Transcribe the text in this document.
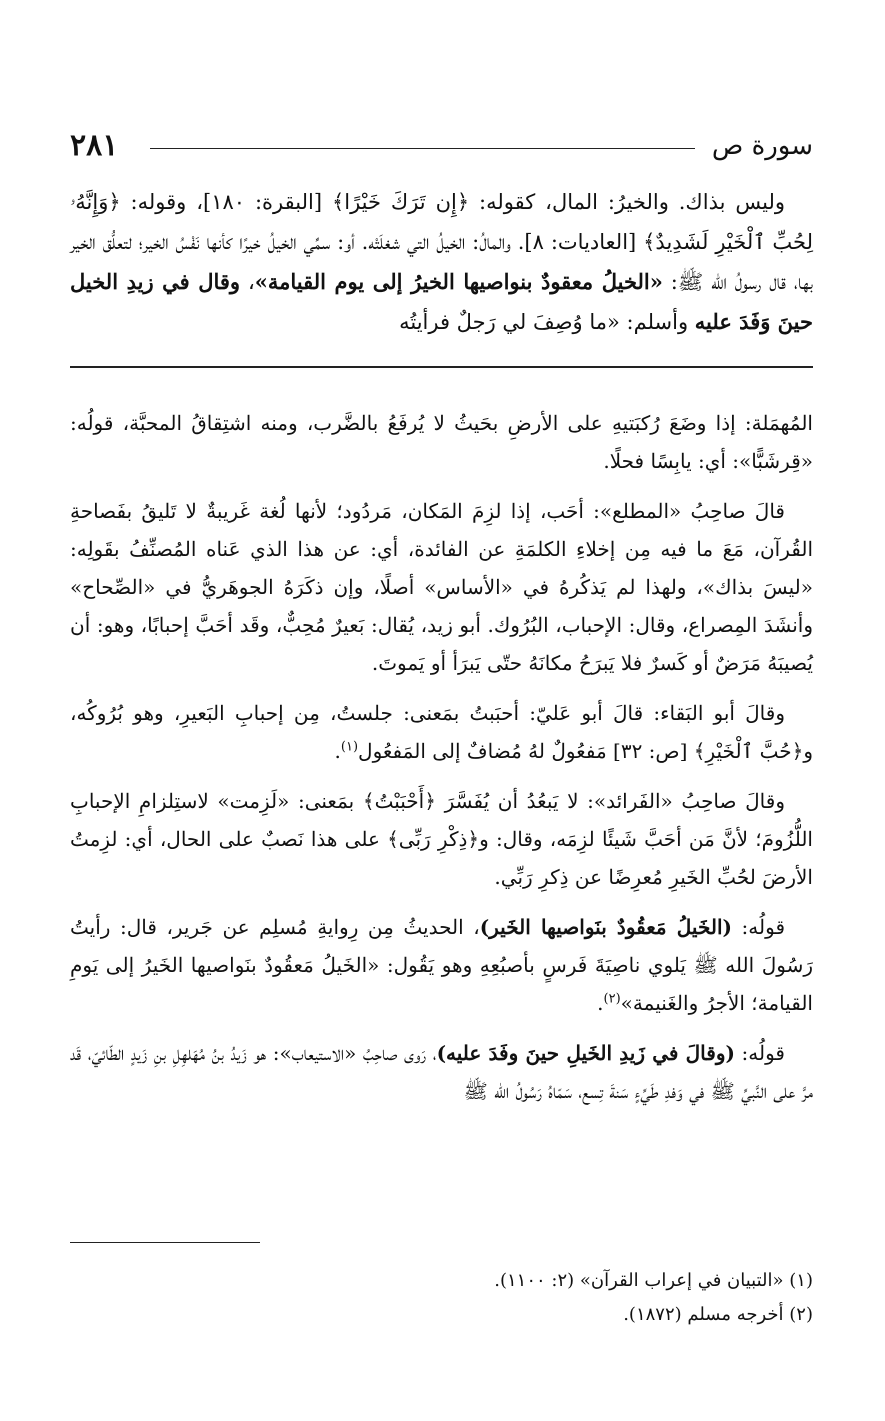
سورة ص
٢٨١

وليس بذاك. والخيرُ: المال، كقوله: ﴿إِن تَرَكَ خَيْرًا﴾ [البقرة: ١٨٠]، وقوله: ﴿وَإِنَّهُۥ لِحُبِّ ٱلْخَيْرِ لَشَدِيدٌ﴾ [العاديات: ٨]. والمالُ: الخيلُ التي شغلَتْه. أو: سمِّي الخيلُ خيرًا كأنها نَفْسُ الخير؛ لتعلُّق الخير بها، قال رسولُ الله ﷺ: «الخيلُ معقودٌ بنواصيها الخيرُ إلى يوم القيامة»، وقال في زيدِ الخيل حينَ وَفَدَ عليه وأسلم: «ما وُصِفَ لي رَجلٌ فرأيتُه

المُهمَلة: إذا وضَعَ رُكبَتيهِ على الأرضِ بحَيثُ لا يُرفَعُ بالضَّرب، ومنه اشتِقاقُ المحبَّة، قولُه: «قِرشَبًّا»: أي: يابِسًا فحلًا.

قالَ صاحِبُ «المطلع»: أحَب، إذا لزِمَ المَكان، مَردُود؛ لأنها لُغة غَريبةٌ لا تَليقُ بفَصاحةِ القُرآن، مَعَ ما فيه مِن إخلاءِ الكلمَةِ عن الفائدة، أي: عن هذا الذي عَناه المُصنِّفُ بقَولِه: «ليسَ بذاك»، ولهذا لم يَذكُرهُ في «الأساس» أصلًا، وإن ذكَرَهُ الجوهَريُّ في «الصِّحاح» وأنشَدَ المِصراع، وقال: الإحباب، البُرُوك. أبو زيد، يُقال: بَعيرٌ مُحِبٌّ، وقَد أحَبَّ إحبابًا، وهو: أن يُصيبَهُ مَرَضٌ أو كَسرٌ فلا يَبرَحُ مكانَهُ حتّى يَبرَأ أو يَموتَ.

وقالَ أبو البَقاء: قالَ أبو عَليّ: أحبَبتُ بمَعنى: جلستُ، مِن إحبابِ البَعيرِ، وهو بُرُوكُه، و﴿حُبَّ ٱلْخَيْرِ﴾ [ص: ٣٢] مَفعُولٌ لهُ مُضافٌ إلى المَفعُول$^{(١)}$.

وقالَ صاحِبُ «الفَرائد»: لا يَبعُدُ أن يُفَسَّرَ ﴿أَحْبَبْتُ﴾ بمَعنى: «لَزِمت» لاستِلزامِ الإحبابِ اللُّزُومَ؛ لأنَّ مَن أحَبَّ شَيئًا لزِمَه، وقال: و﴿ذِكْرِ رَبِّى﴾ على هذا نَصبٌ على الحال، أي: لزِمتُ الأرضَ لحُبِّ الخَيرِ مُعرِضًا عن ذِكرِ رَبِّي.

قولُه: (الخَيلُ مَعقُودٌ بنَواصيها الخَير)، الحديثُ مِن رِوايةِ مُسلِم عن جَرير، قال: رأيتُ رَسُولَ الله ﷺ يَلوي ناصِيَةَ فَرسٍ بأصبُعِهِ وهو يَقُول: «الخَيلُ مَعقُودٌ بنَواصيها الخَيرُ إلى يَومِ القيامة؛ الأجرُ والغَنيمة»$^{(٢)}$.

قولُه: (وقالَ في زَيدِ الخَيلِ حينَ وفَدَ عليه)، رَوى صاحِبُ «الاستيعاب»: هو زَيدُ بنُ مُهَلهِلِ بنِ زَيدٍ الطّائيّ، قَد مرَّ على النَّبيِّ ﷺ في وَفدِ طَيِّءٍ سَنةَ تِسع، سَمّاهُ رَسُولُ الله ﷺ

(١) «التبيان في إعراب القرآن» (٢: ١١٠٠).
(٢) أخرجه مسلم (١٨٧٢).
